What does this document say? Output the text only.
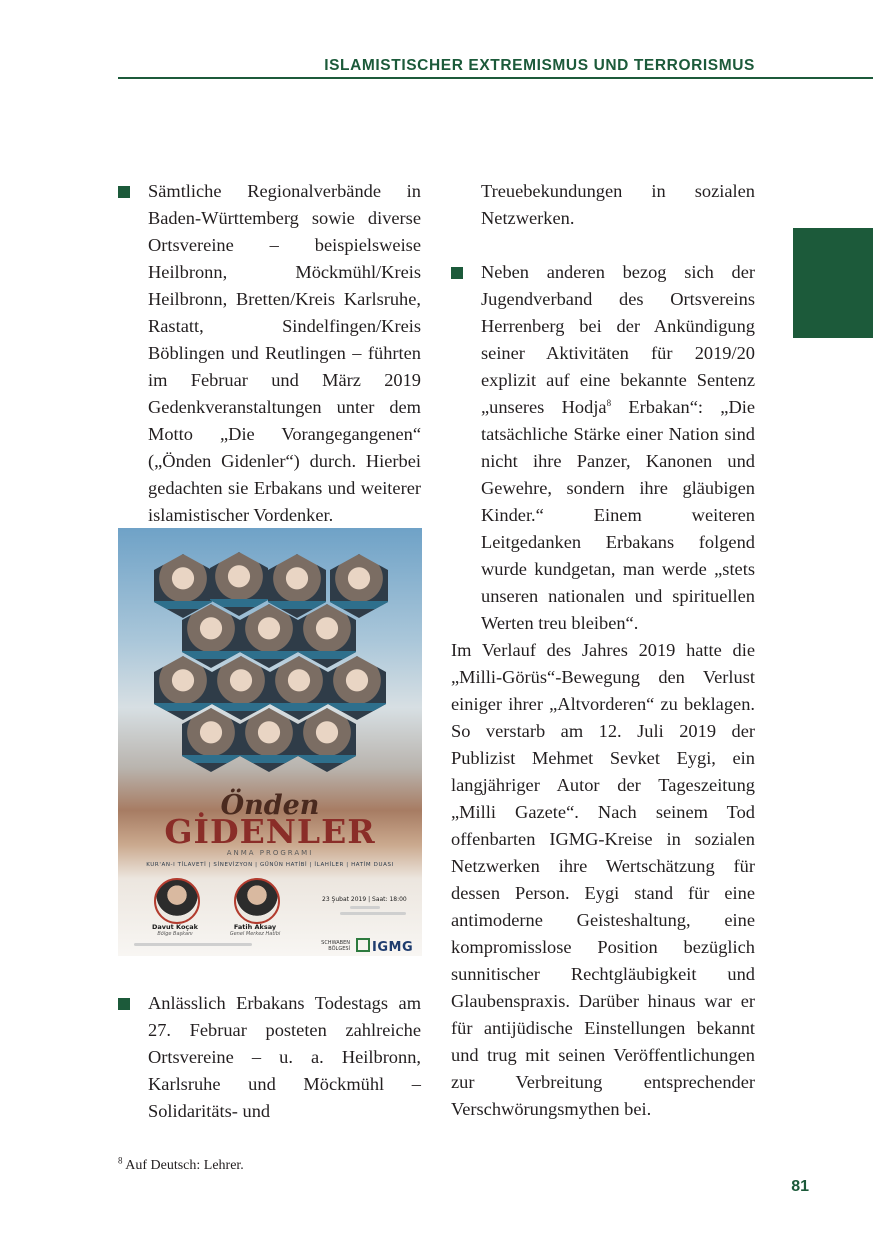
ISLAMISTISCHER EXTREMISMUS UND TERRORISMUS

Sämtliche Regionalverbände in Baden-Württemberg sowie diverse Ortsvereine – beispielsweise Heilbronn, Möckmühl/Kreis Heilbronn, Bretten/Kreis Karlsruhe, Rastatt, Sindelfingen/Kreis Böblingen und Reutlingen – führten im Februar und März 2019 Gedenkveranstaltungen unter dem Motto „Die Vorangegangenen“ („Önden Gidenler“) durch. Hierbei gedachten sie Erbakans und weiterer islamistischer Vordenker.

Önden
GİDENLER
ANMA PROGRAMI
KUR'AN-I TİLAVETİ | SİNEVİZYON | GÜNÜN HATİBİ | İLAHİLER | HATİM DUASI
Davut Koçak
Bölge Başkanı
Fatih Aksay
Genel Merkez Hatibi
23 Şubat 2019 | Saat: 18:00
SCHWABEN BÖLGESİ	IGMG

Anlässlich Erbakans Todestags am 27. Februar posteten zahlreiche Ortsvereine – u. a. Heilbronn, Karlsruhe und Möckmühl – Solidaritäts- und

Treuebekundungen in sozialen Netzwerken.

Neben anderen bezog sich der Jugendverband des Ortsvereins Herrenberg bei der Ankündigung seiner Aktivitäten für 2019/20 explizit auf eine bekannte Sentenz „unseres Hodja$^8$ Erbakan“: „Die tatsächliche Stärke einer Nation sind nicht ihre Panzer, Kanonen und Gewehre, sondern ihre gläubigen Kinder.“ Einem weiteren Leitgedanken Erbakans folgend wurde kundgetan, man werde „stets unseren nationalen und spirituellen Werten treu bleiben“.

Im Verlauf des Jahres 2019 hatte die „Milli-Görüs“-Bewegung den Verlust einiger ihrer „Altvorderen“ zu beklagen. So verstarb am 12. Juli 2019 der Publizist Mehmet Sevket Eygi, ein langjähriger Autor der Tageszeitung „Milli Gazete“. Nach seinem Tod offenbarten IGMG-Kreise in sozialen Netzwerken ihre Wertschätzung für dessen Person. Eygi stand für eine antimoderne Geisteshaltung, eine kompromisslose Position bezüglich sunnitischer Rechtgläubigkeit und Glaubenspraxis. Darüber hinaus war er für antijüdische Einstellungen bekannt und trug mit seinen Veröffentlichungen zur Verbreitung entsprechender Verschwörungsmythen bei.

$^8$ Auf Deutsch: Lehrer.
81
